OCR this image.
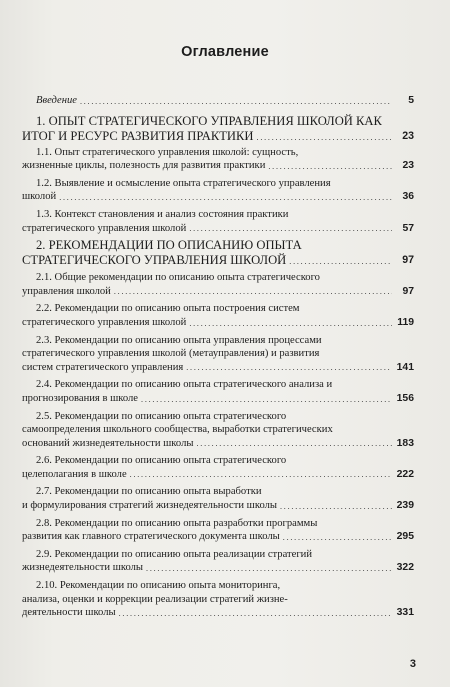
Оглавление
Введение .....	5
1. ОПЫТ СТРАТЕГИЧЕСКОГО УПРАВЛЕНИЯ ШКОЛОЙ КАК
ИТОГ И РЕСУРС РАЗВИТИЯ ПРАКТИКИ .....	23
1.1. Опыт стратегического управления школой: сущность,
жизненные циклы, полезность для развития практики .....	23
1.2. Выявление и осмысление опыта стратегического управления
школой .....	36
1.3. Контекст становления и анализ состояния практики
стратегического управления школой .....	57
2. РЕКОМЕНДАЦИИ ПО ОПИСАНИЮ ОПЫТА
СТРАТЕГИЧЕСКОГО УПРАВЛЕНИЯ ШКОЛОЙ .....	97
2.1. Общие рекомендации по описанию опыта стратегического
управления школой .....	97
2.2. Рекомендации по описанию опыта построения систем
стратегического управления школой .....	119
2.3. Рекомендации по описанию опыта управления процессами
стратегического управления школой (метауправления) и развития
систем стратегического управления .....	141
2.4. Рекомендации по описанию опыта стратегического анализа и
прогнозирования в школе .....	156
2.5. Рекомендации по описанию опыта стратегического
самоопределения школьного сообщества, выработки стратегических
оснований жизнедеятельности школы .....	183
2.6. Рекомендации по описанию опыта стратегического
целеполагания в школе .....	222
2.7. Рекомендации по описанию опыта выработки
и формулирования стратегий жизнедеятельности школы .....	239
2.8. Рекомендации по описанию опыта разработки программы
развития как главного стратегического документа школы .....	295
2.9. Рекомендации по описанию опыта реализации стратегий
жизнедеятельности школы .....	322
2.10. Рекомендации по описанию опыта мониторинга,
анализа, оценки и коррекции реализации стратегий жизне-
деятельности школы .....	331
3
